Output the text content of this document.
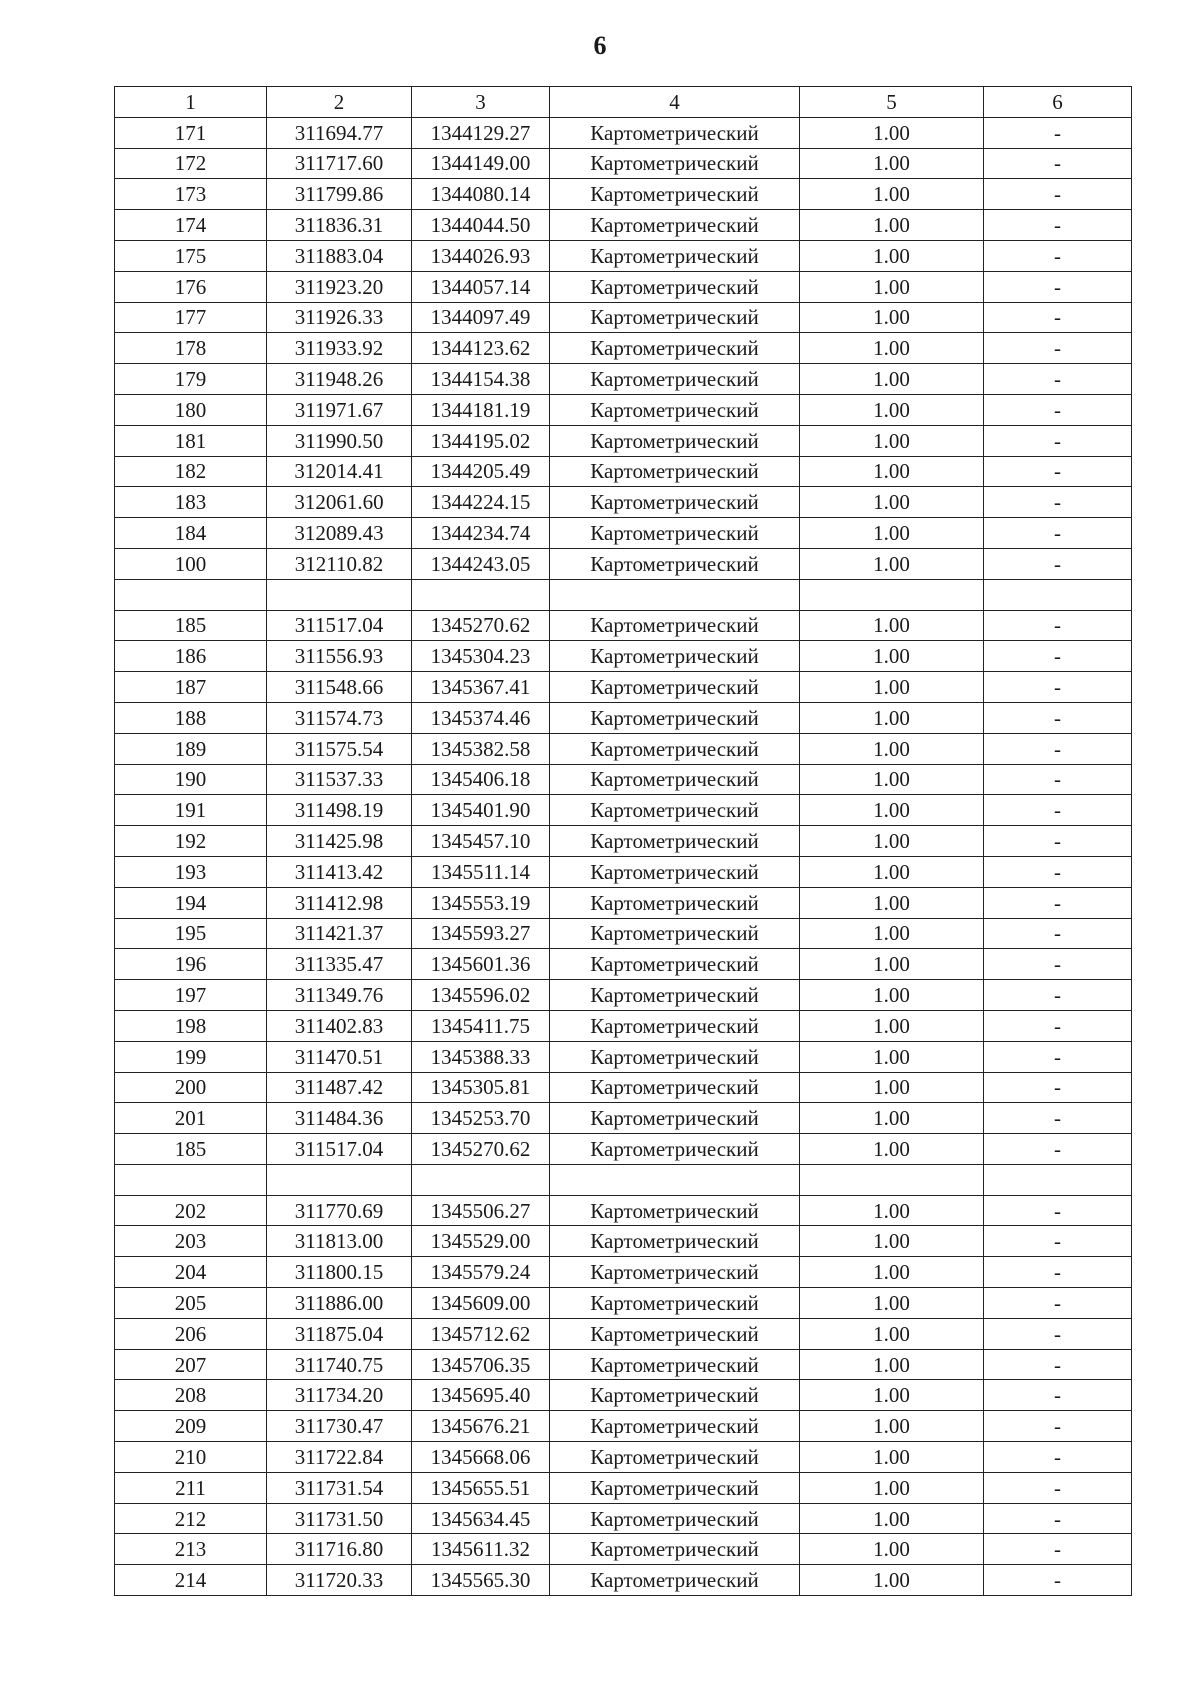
6
1	2	3	4	5	6
171	311694.77	1344129.27	Картометрический	1.00	-
172	311717.60	1344149.00	Картометрический	1.00	-
173	311799.86	1344080.14	Картометрический	1.00	-
174	311836.31	1344044.50	Картометрический	1.00	-
175	311883.04	1344026.93	Картометрический	1.00	-
176	311923.20	1344057.14	Картометрический	1.00	-
177	311926.33	1344097.49	Картометрический	1.00	-
178	311933.92	1344123.62	Картометрический	1.00	-
179	311948.26	1344154.38	Картометрический	1.00	-
180	311971.67	1344181.19	Картометрический	1.00	-
181	311990.50	1344195.02	Картометрический	1.00	-
182	312014.41	1344205.49	Картометрический	1.00	-
183	312061.60	1344224.15	Картометрический	1.00	-
184	312089.43	1344234.74	Картометрический	1.00	-
100	312110.82	1344243.05	Картометрический	1.00	-

185	311517.04	1345270.62	Картометрический	1.00	-
186	311556.93	1345304.23	Картометрический	1.00	-
187	311548.66	1345367.41	Картометрический	1.00	-
188	311574.73	1345374.46	Картометрический	1.00	-
189	311575.54	1345382.58	Картометрический	1.00	-
190	311537.33	1345406.18	Картометрический	1.00	-
191	311498.19	1345401.90	Картометрический	1.00	-
192	311425.98	1345457.10	Картометрический	1.00	-
193	311413.42	1345511.14	Картометрический	1.00	-
194	311412.98	1345553.19	Картометрический	1.00	-
195	311421.37	1345593.27	Картометрический	1.00	-
196	311335.47	1345601.36	Картометрический	1.00	-
197	311349.76	1345596.02	Картометрический	1.00	-
198	311402.83	1345411.75	Картометрический	1.00	-
199	311470.51	1345388.33	Картометрический	1.00	-
200	311487.42	1345305.81	Картометрический	1.00	-
201	311484.36	1345253.70	Картометрический	1.00	-
185	311517.04	1345270.62	Картометрический	1.00	-

202	311770.69	1345506.27	Картометрический	1.00	-
203	311813.00	1345529.00	Картометрический	1.00	-
204	311800.15	1345579.24	Картометрический	1.00	-
205	311886.00	1345609.00	Картометрический	1.00	-
206	311875.04	1345712.62	Картометрический	1.00	-
207	311740.75	1345706.35	Картометрический	1.00	-
208	311734.20	1345695.40	Картометрический	1.00	-
209	311730.47	1345676.21	Картометрический	1.00	-
210	311722.84	1345668.06	Картометрический	1.00	-
211	311731.54	1345655.51	Картометрический	1.00	-
212	311731.50	1345634.45	Картометрический	1.00	-
213	311716.80	1345611.32	Картометрический	1.00	-
214	311720.33	1345565.30	Картометрический	1.00	-
